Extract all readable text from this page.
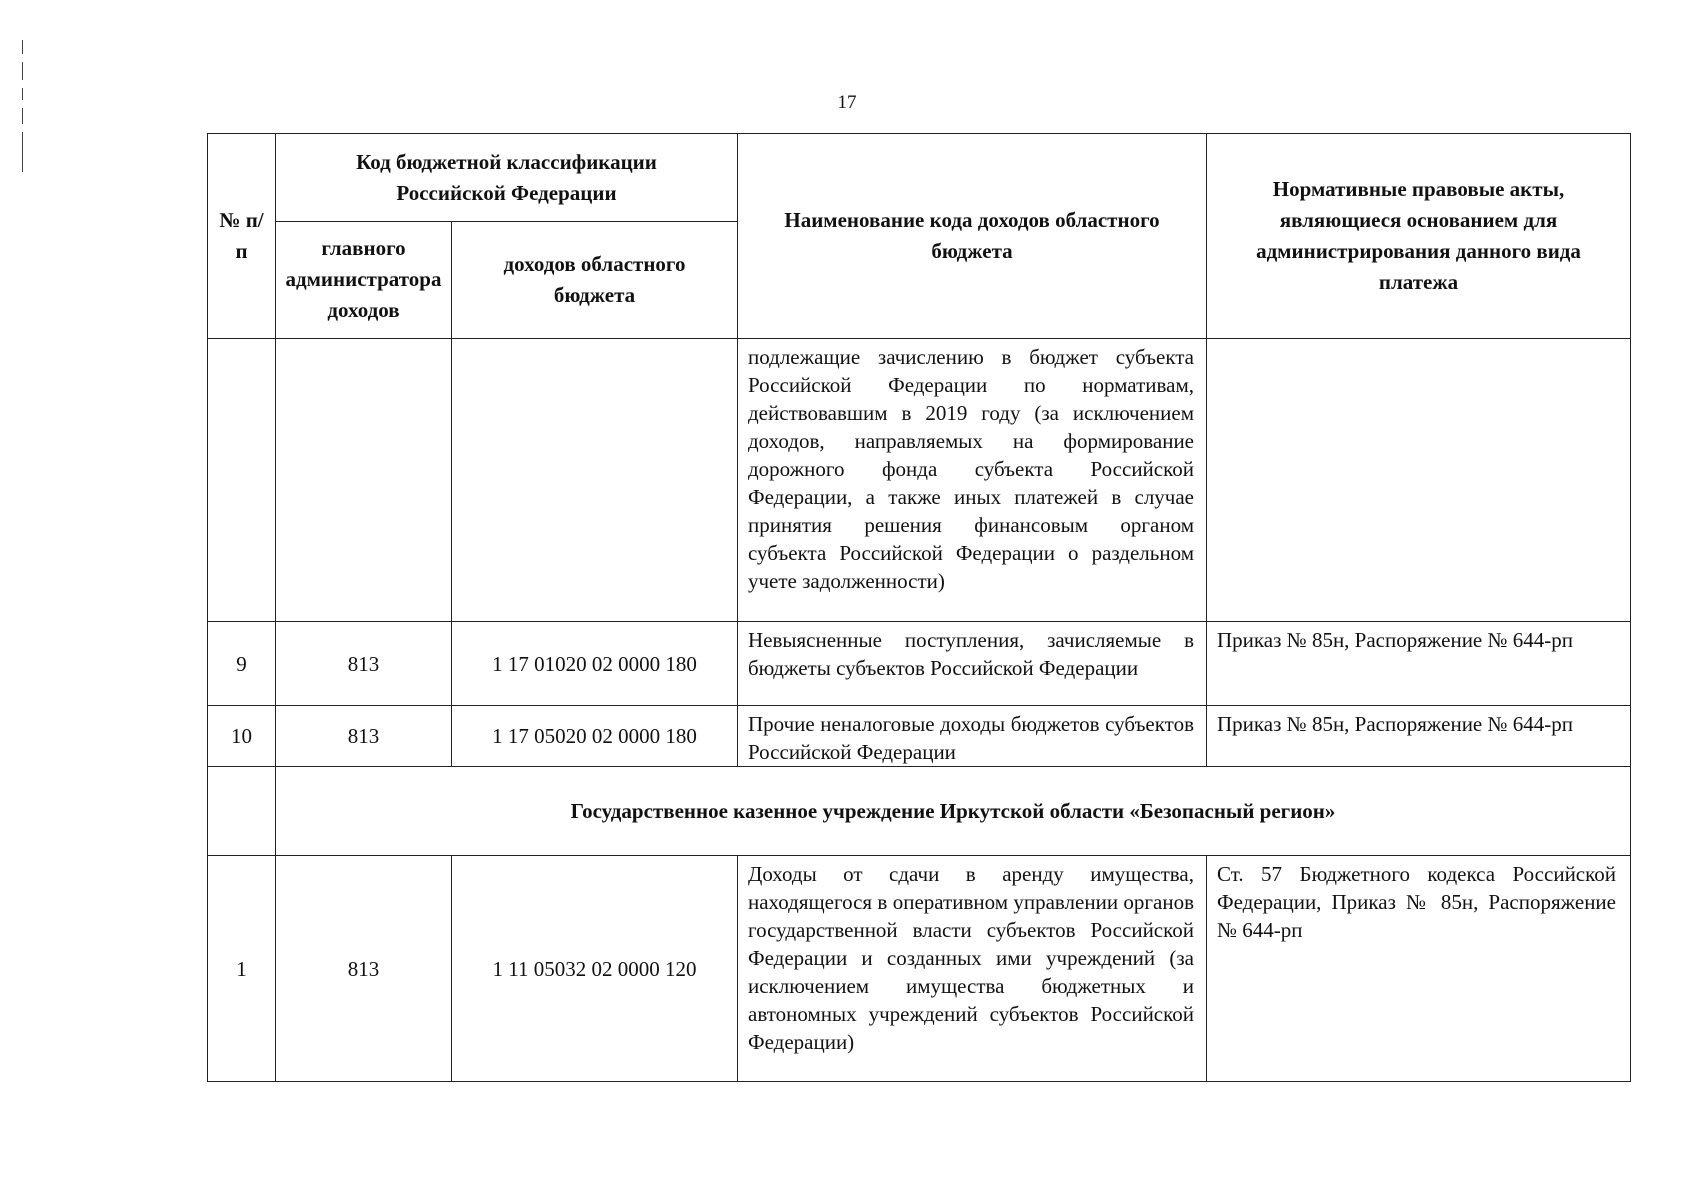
17
№ п/п	Код бюджетной классификации Российской Федерации		Наименование кода доходов областного бюджета	Нормативные правовые акты, являющиеся основанием для администрирования данного вида платежа
	главного администратора доходов	доходов областного бюджета		
			подлежащие зачислению в бюджет субъекта Российской Федерации по нормативам, действовавшим в 2019 году (за исключением доходов, направляемых на формирование дорожного фонда субъекта Российской Федерации, а также иных платежей в случае принятия решения финансовым органом субъекта Российской Федерации о раздельном учете задолженности)	
9	813	1 17 01020 02 0000 180	Невыясненные поступления, зачисляемые в бюджеты субъектов Российской Федерации	Приказ № 85н, Распоряжение № 644-рп
10	813	1 17 05020 02 0000 180	Прочие неналоговые доходы бюджетов субъектов Российской Федерации	Приказ № 85н, Распоряжение № 644-рп
	Государственное казенное учреждение Иркутской области «Безопасный регион»			
1	813	1 11 05032 02 0000 120	Доходы от сдачи в аренду имущества, находящегося в оперативном управлении органов государственной власти субъектов Российской Федерации и созданных ими учреждений (за исключением имущества бюджетных и автономных учреждений субъектов Российской Федерации)	Ст. 57 Бюджетного кодекса Российской Федерации, Приказ № 85н, Распоряжение № 644-рп
